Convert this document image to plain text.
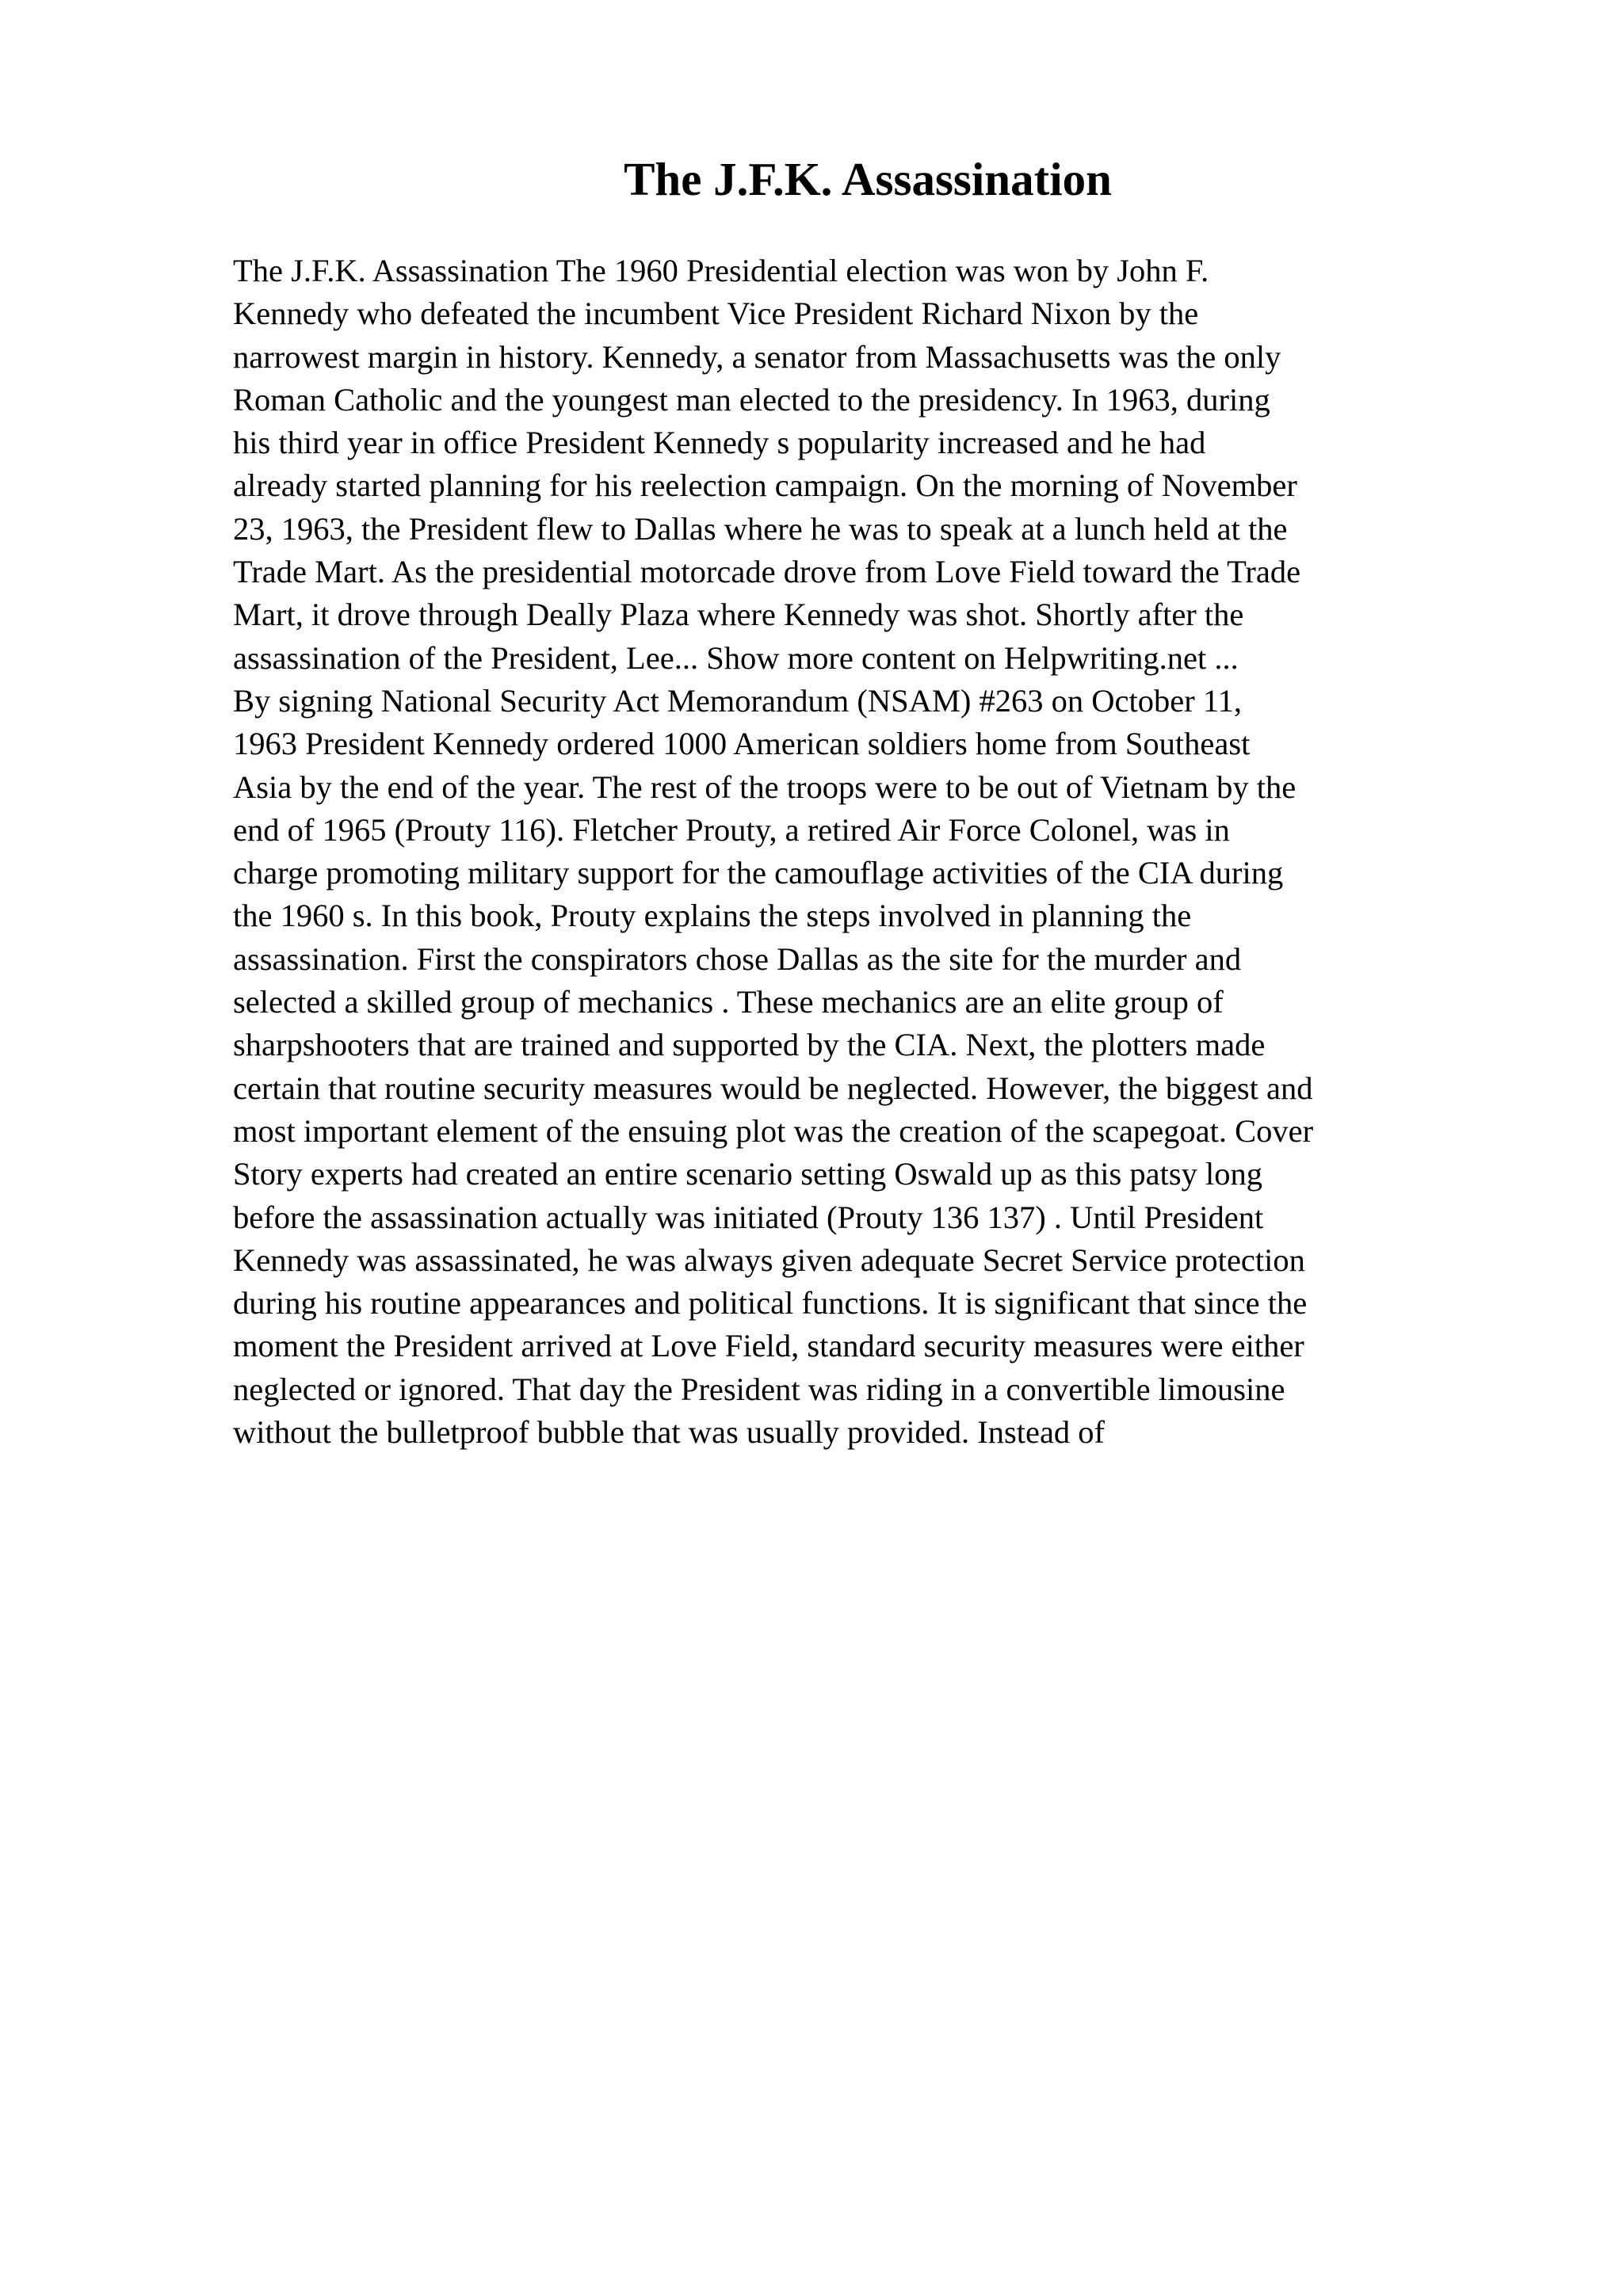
The J.F.K. Assassination
The J.F.K. Assassination The 1960 Presidential election was won by John F.
Kennedy who defeated the incumbent Vice President Richard Nixon by the
narrowest margin in history. Kennedy, a senator from Massachusetts was the only
Roman Catholic and the youngest man elected to the presidency. In 1963, during
his third year in office President Kennedy s popularity increased and he had
already started planning for his reelection campaign. On the morning of November
23, 1963, the President flew to Dallas where he was to speak at a lunch held at the
Trade Mart. As the presidential motorcade drove from Love Field toward the Trade
Mart, it drove through Deally Plaza where Kennedy was shot. Shortly after the
assassination of the President, Lee... Show more content on Helpwriting.net ...
By signing National Security Act Memorandum (NSAM) #263 on October 11,
1963 President Kennedy ordered 1000 American soldiers home from Southeast
Asia by the end of the year. The rest of the troops were to be out of Vietnam by the
end of 1965 (Prouty 116). Fletcher Prouty, a retired Air Force Colonel, was in
charge promoting military support for the camouflage activities of the CIA during
the 1960 s. In this book, Prouty explains the steps involved in planning the
assassination. First the conspirators chose Dallas as the site for the murder and
selected a skilled group of mechanics . These mechanics are an elite group of
sharpshooters that are trained and supported by the CIA. Next, the plotters made
certain that routine security measures would be neglected. However, the biggest and
most important element of the ensuing plot was the creation of the scapegoat. Cover
Story experts had created an entire scenario setting Oswald up as this patsy long
before the assassination actually was initiated (Prouty 136 137) . Until President
Kennedy was assassinated, he was always given adequate Secret Service protection
during his routine appearances and political functions. It is significant that since the
moment the President arrived at Love Field, standard security measures were either
neglected or ignored. That day the President was riding in a convertible limousine
without the bulletproof bubble that was usually provided. Instead of
